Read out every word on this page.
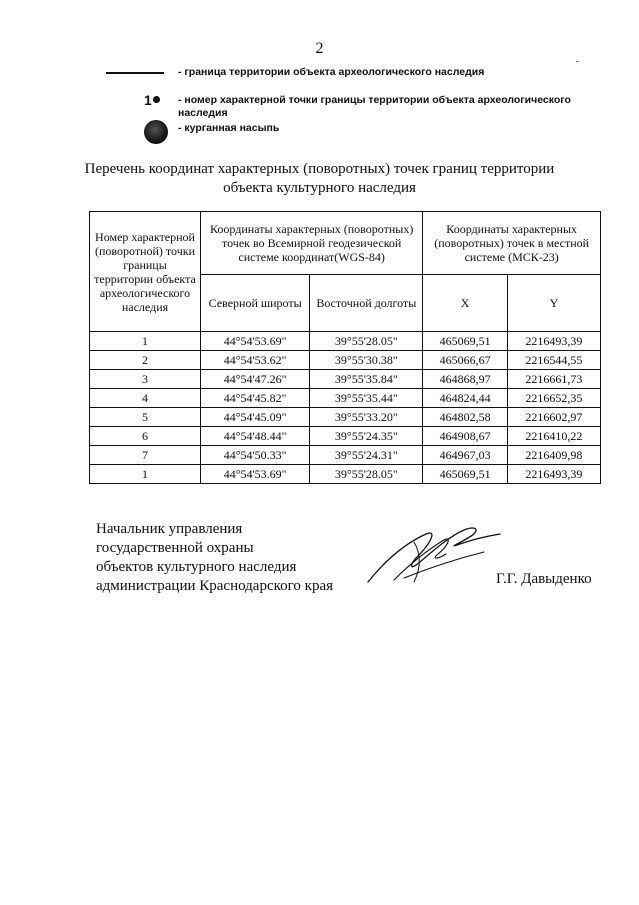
2
- граница территории объекта археологического наследия
1	- номер характерной точки границы территории объекта археологического наследия
- курганная насыпь
Перечень координат характерных (поворотных) точек границ территории
объекта культурного наследия
Номер характерной (поворотной) точки границы территории объекта археологического наследия	Координаты характерных (поворотных) точек во Всемирной геодезической системе координат(WGS-84)		Координаты характерных (поворотных) точек в местной системе (МСК-23)	
	Северной широты	Восточной долготы	X	Y
1	44°54'53.69"	39°55'28.05"	465069,51	2216493,39
2	44°54'53.62"	39°55'30.38"	465066,67	2216544,55
3	44°54'47.26"	39°55'35.84"	464868,97	2216661,73
4	44°54'45.82"	39°55'35.44"	464824,44	2216652,35
5	44°54'45.09"	39°55'33.20"	464802,58	2216602,97
6	44°54'48.44"	39°55'24.35"	464908,67	2216410,22
7	44°54'50.33"	39°55'24.31"	464967,03	2216409,98
1	44°54'53.69"	39°55'28.05"	465069,51	2216493,39
Начальник управления
государственной охраны
объектов культурного наследия
администрации Краснодарского края	Г.Г. Давыденко
